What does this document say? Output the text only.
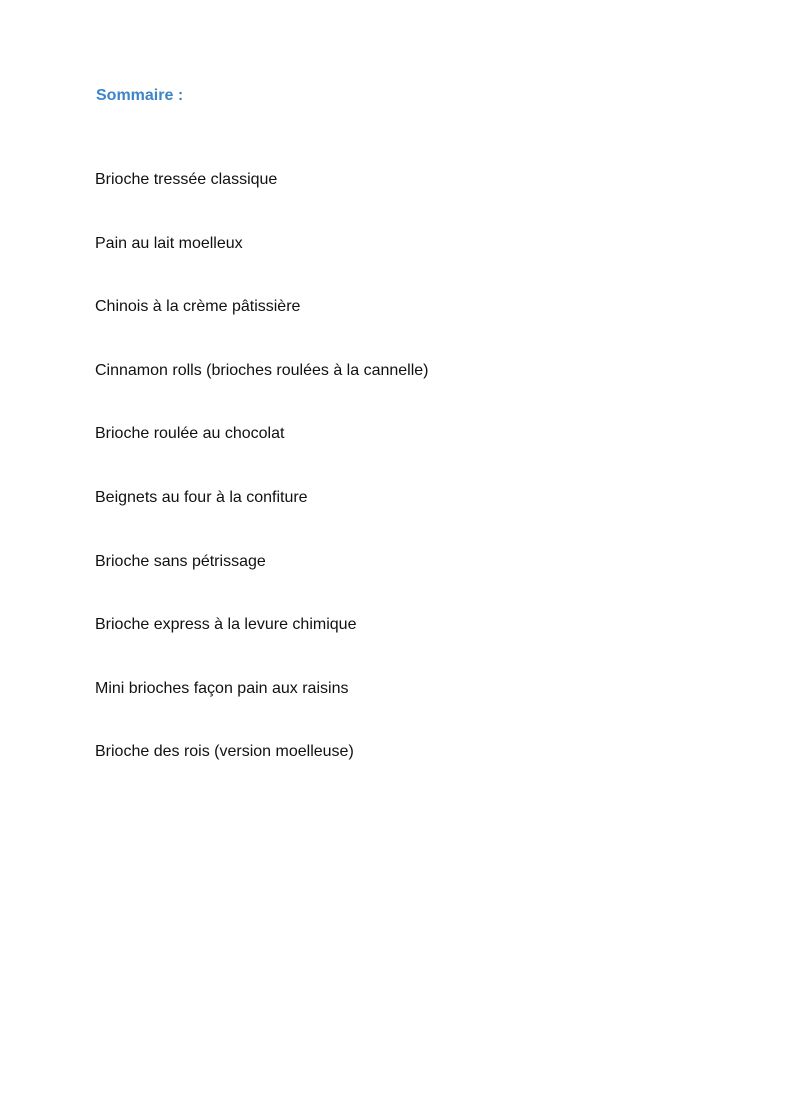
Sommaire :
Brioche tressée classique
Pain au lait moelleux
Chinois à la crème pâtissière
Cinnamon rolls (brioches roulées à la cannelle)
Brioche roulée au chocolat
Beignets au four à la confiture
Brioche sans pétrissage
Brioche express à la levure chimique
Mini brioches façon pain aux raisins
Brioche des rois (version moelleuse)
